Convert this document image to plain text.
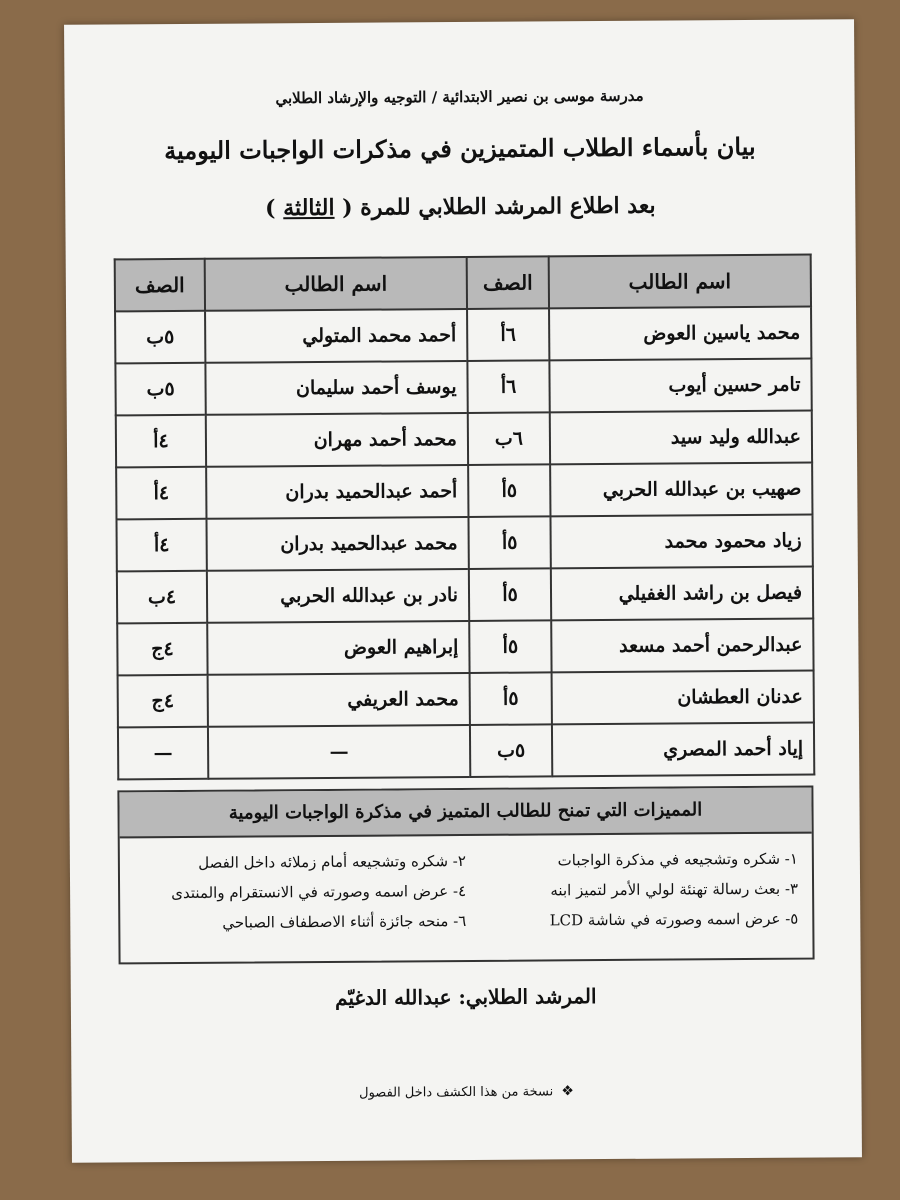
مدرسة موسى بن نصير الابتدائية / التوجيه والإرشاد الطلابي
بيان بأسماء الطلاب المتميزين في مذكرات الواجبات اليومية
بعد اطلاع المرشد الطلابي للمرة ( الثالثة )
اسم الطالب	الصف	اسم الطالب	الصف
محمد ياسين العوض	٦أ	أحمد محمد المتولي	٥ب
تامر حسين أيوب	٦أ	يوسف أحمد سليمان	٥ب
عبدالله وليد سيد	٦ب	محمد أحمد مهران	٤أ
صهيب بن عبدالله الحربي	٥أ	أحمد عبدالحميد بدران	٤أ
زياد محمود محمد	٥أ	محمد عبدالحميد بدران	٤أ
فيصل بن راشد الغفيلي	٥أ	نادر بن عبدالله الحربي	٤ب
عبدالرحمن أحمد مسعد	٥أ	إبراهيم العوض	٤ج
عدنان العطشان	٥أ	محمد العريفي	٤ج
إياد أحمد المصري	٥ب	—	—
المميزات التي تمنح للطالب المتميز في مذكرة الواجبات اليومية
١- شكره وتشجيعه في مذكرة الواجبات
٢- شكره وتشجيعه أمام زملائه داخل الفصل
٣- بعث رسالة تهنئة لولي الأمر لتميز ابنه
٤- عرض اسمه وصورته في الانستقرام والمنتدى
٥- عرض اسمه وصورته في شاشة LCD
٦- منحه جائزة أثناء الاصطفاف الصباحي
المرشد الطلابي: عبدالله الدغيّم
❖ نسخة من هذا الكشف داخل الفصول
